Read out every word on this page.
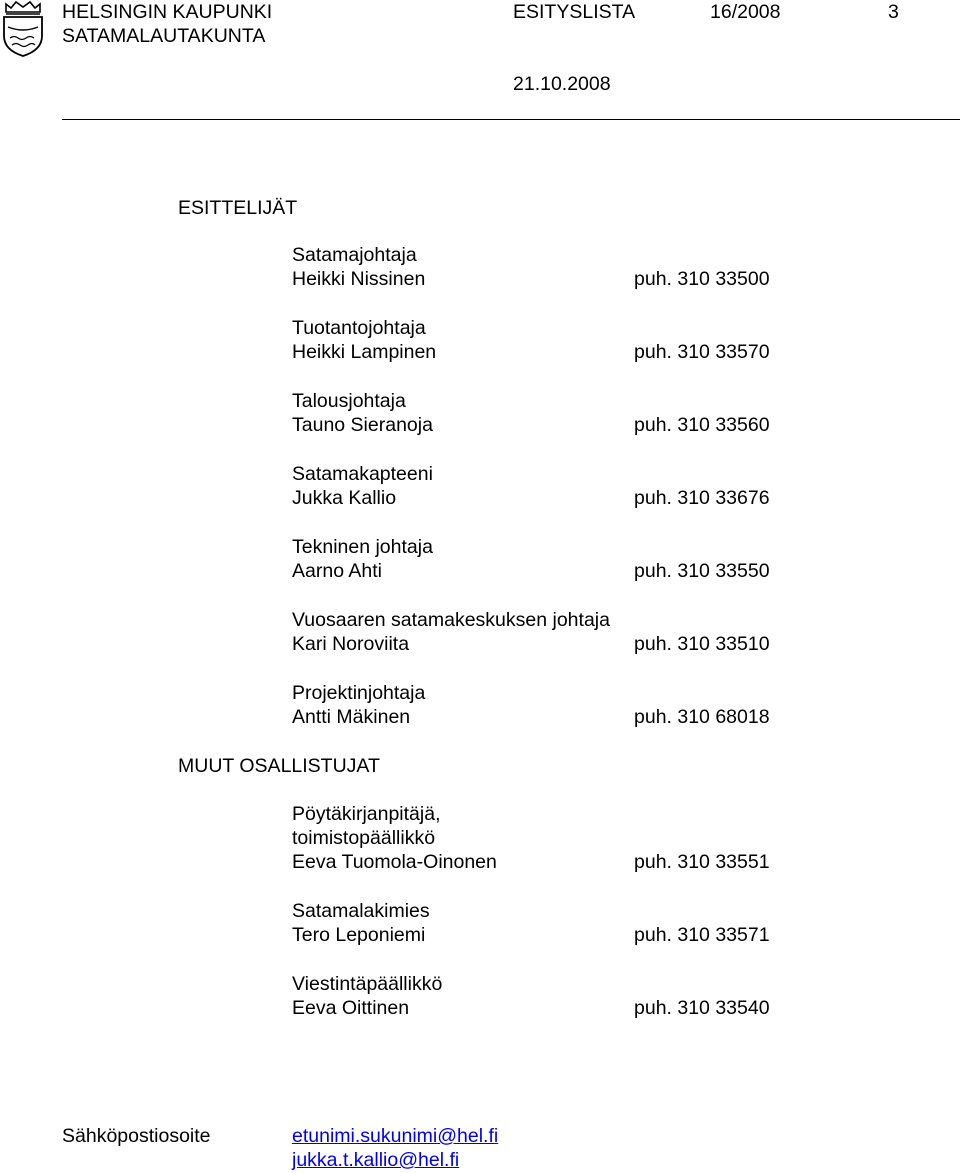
HELSINGIN KAUPUNKI
SATAMALAUTAKUNTA
ESITYSLISTA	16/2008	3
21.10.2008
ESITTELIJÄT
Satamajohtaja
Heikki Nissinen	puh. 310 33500
Tuotantojohtaja
Heikki Lampinen	puh. 310 33570
Talousjohtaja
Tauno Sieranoja	puh. 310 33560
Satamakapteeni
Jukka Kallio	puh. 310 33676
Tekninen johtaja
Aarno Ahti	puh. 310 33550
Vuosaaren satamakeskuksen johtaja
Kari Noroviita	puh. 310 33510
Projektinjohtaja
Antti Mäkinen	puh. 310 68018
MUUT OSALLISTUJAT
Pöytäkirjanpitäjä,
toimistopäällikkö
Eeva Tuomola-Oinonen	puh. 310 33551
Satamalakimies
Tero Leponiemi	puh. 310 33571
Viestintäpäällikkö
Eeva Oittinen	puh. 310 33540
Sähköpostiosoite	etunimi.sukunimi@hel.fi
jukka.t.kallio@hel.fi
